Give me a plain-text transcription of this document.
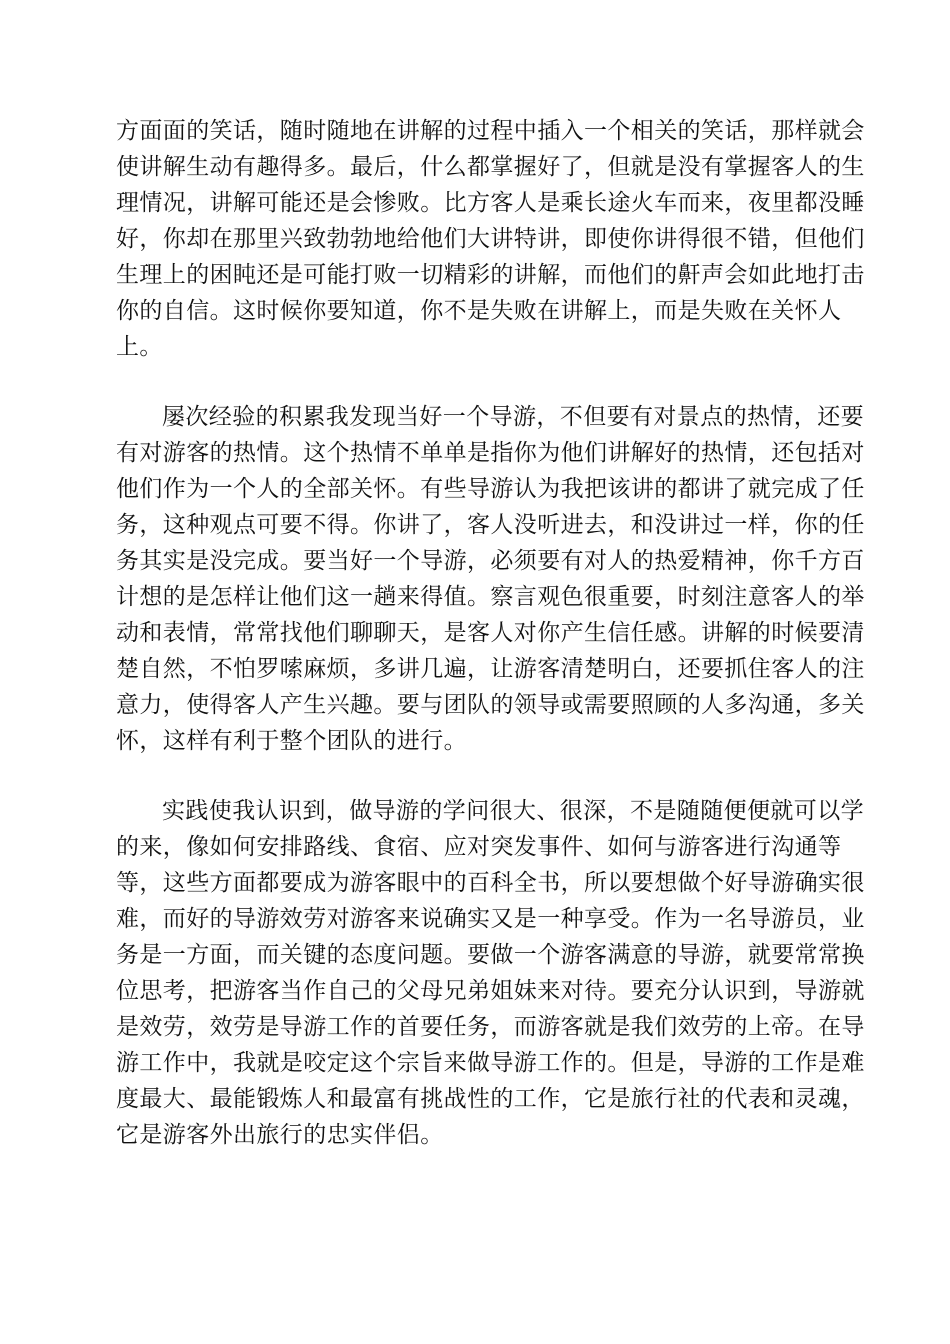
方面面的笑话，随时随地在讲解的过程中插入一个相关的笑话，那样就会
使讲解生动有趣得多。最后，什么都掌握好了，但就是没有掌握客人的生
理情况，讲解可能还是会惨败。比方客人是乘长途火车而来，夜里都没睡
好，你却在那里兴致勃勃地给他们大讲特讲，即使你讲得很不错，但他们
生理上的困盹还是可能打败一切精彩的讲解，而他们的鼾声会如此地打击
你的自信。这时候你要知道，你不是失败在讲解上，而是失败在关怀人
上。

屡次经验的积累我发现当好一个导游，不但要有对景点的热情，还要
有对游客的热情。这个热情不单单是指你为他们讲解好的热情，还包括对
他们作为一个人的全部关怀。有些导游认为我把该讲的都讲了就完成了任
务，这种观点可要不得。你讲了，客人没听进去，和没讲过一样，你的任
务其实是没完成。要当好一个导游，必须要有对人的热爱精神，你千方百
计想的是怎样让他们这一趟来得值。察言观色很重要，时刻注意客人的举
动和表情，常常找他们聊聊天，是客人对你产生信任感。讲解的时候要清
楚自然，不怕罗嗦麻烦，多讲几遍，让游客清楚明白，还要抓住客人的注
意力，使得客人产生兴趣。要与团队的领导或需要照顾的人多沟通，多关
怀，这样有利于整个团队的进行。

实践使我认识到，做导游的学问很大、很深，不是随随便便就可以学
的来，像如何安排路线、食宿、应对突发事件、如何与游客进行沟通等
等，这些方面都要成为游客眼中的百科全书，所以要想做个好导游确实很
难，而好的导游效劳对游客来说确实又是一种享受。作为一名导游员，业
务是一方面，而关键的态度问题。要做一个游客满意的导游，就要常常换
位思考，把游客当作自己的父母兄弟姐妹来对待。要充分认识到，导游就
是效劳，效劳是导游工作的首要任务，而游客就是我们效劳的上帝。在导
游工作中，我就是咬定这个宗旨来做导游工作的。但是，导游的工作是难
度最大、最能锻炼人和最富有挑战性的工作，它是旅行社的代表和灵魂，
它是游客外出旅行的忠实伴侣。
